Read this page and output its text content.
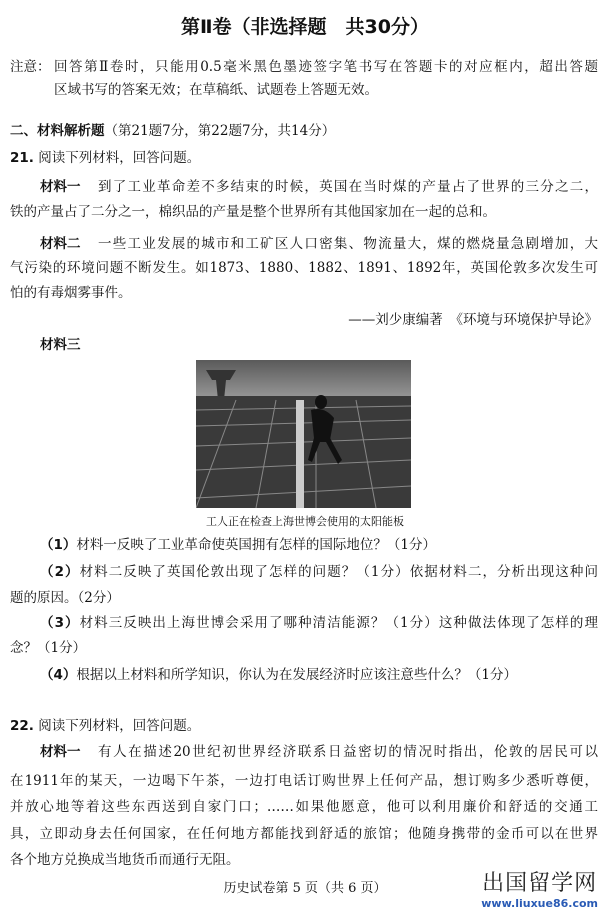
第Ⅱ卷（非选择题　共30分）
注意： 回答第Ⅱ卷时，只能用0.5毫米黑色墨迹签字笔书写在答题卡的对应框内，超出答题
区域书写的答案无效；在草稿纸、试题卷上答题无效。
二、材料解析题（第21题7分，第22题7分，共14分）
21. 阅读下列材料，回答问题。
材料一 到了工业革命差不多结束的时候，英国在当时煤的产量占了世界的三分之二，
铁的产量占了二分之一，棉织品的产量是整个世界所有其他国家加在一起的总和。
材料二 一些工业发展的城市和工矿区人口密集、物流量大，煤的燃烧量急剧增加，大
气污染的环境问题不断发生。如1873、1880、1882、1891、1892年，英国伦敦多次发生可
怕的有毒烟雾事件。
——刘少康编著　《环境与环境保护导论》
材料三
工人正在检查上海世博会使用的太阳能板
（1）材料一反映了工业革命使英国拥有怎样的国际地位？（1分）
（2）材料二反映了英国伦敦出现了怎样的问题？（1分）依据材料二，分析出现这种问
题的原因。（2分）
（3）材料三反映出上海世博会采用了哪种清洁能源？（1分）这种做法体现了怎样的理
念？（1分）
（4）根据以上材料和所学知识，你认为在发展经济时应该注意些什么？（1分）
22. 阅读下列材料，回答问题。
材料一 有人在描述20世纪初世界经济联系日益密切的情况时指出，伦敦的居民可以
在1911年的某天，一边喝下午茶，一边打电话订购世界上任何产品，想订购多少悉听尊便，
并放心地等着这些东西送到自家门口；……如果他愿意，他可以利用廉价和舒适的交通工
具，立即动身去任何国家，在任何地方都能找到舒适的旅馆；他随身携带的金币可以在世界
各个地方兑换成当地货币而通行无阻。
历史试卷第 5 页（共 6 页）	出国留学网
www.liuxue86.com
